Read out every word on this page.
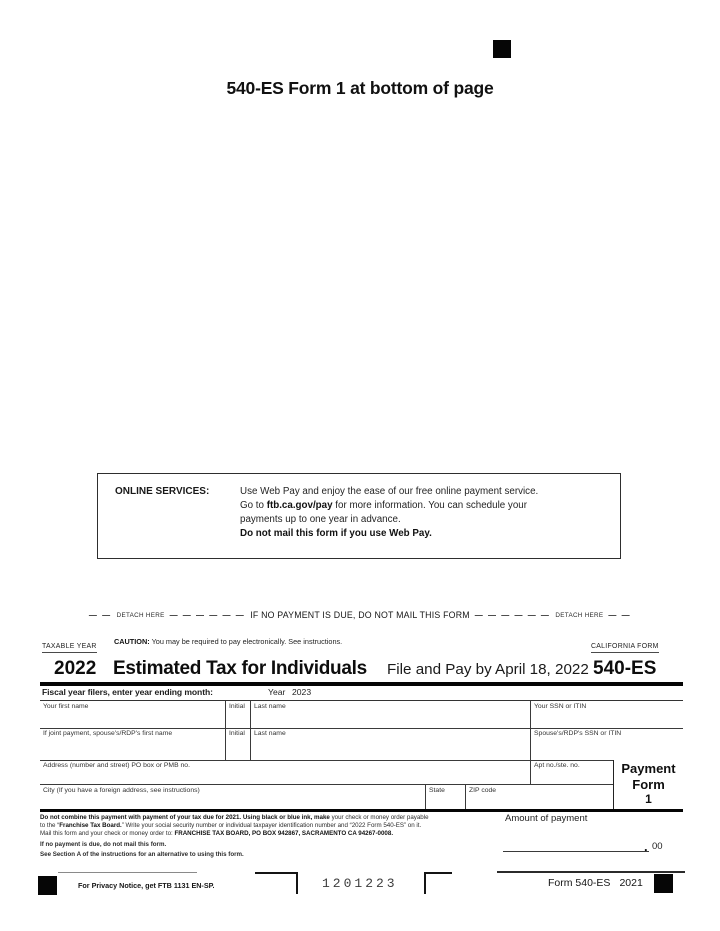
540-ES Form 1 at bottom of page
ONLINE SERVICES:	Use Web Pay and enjoy the ease of our free online payment service.
Go to ftb.ca.gov/pay for more information. You can schedule your
payments up to one year in advance.
Do not mail this form if you use Web Pay.
— — DETACH HERE — — — — — — IF NO PAYMENT IS DUE, DO NOT MAIL THIS FORM — — — — — — DETACH HERE — —
TAXABLE YEAR
CAUTION: You may be required to pay electronically. See instructions.
CALIFORNIA FORM
2022 Estimated Tax for Individuals File and Pay by April 18, 2022 540-ES
Fiscal year filers, enter year ending month:	Year 2023
Your first name	Initial	Last name	Your SSN or ITIN
If joint payment, spouse's/RDP's first name	Initial	Last name	Spouse's/RDP's SSN or ITIN
Address (number and street) PO box or PMB no.	Apt no./ste. no.
City (If you have a foreign address, see instructions)	State	ZIP code
Payment
Form
1
Do not combine this payment with payment of your tax due for 2021. Using black or blue ink, make your check or money order payable
to the “Franchise Tax Board.” Write your social security number or individual taxpayer identification number and “2022 Form 540-ES” on it.
Mail this form and your check or money order to: FRANCHISE TAX BOARD, PO BOX 942867, SACRAMENTO CA 94267-0008.
If no payment is due, do not mail this form.
See Section A of the instructions for an alternative to using this form.
Amount of payment
. 00
For Privacy Notice, get FTB 1131 EN-SP.	1201223	Form 540-ES 2021
